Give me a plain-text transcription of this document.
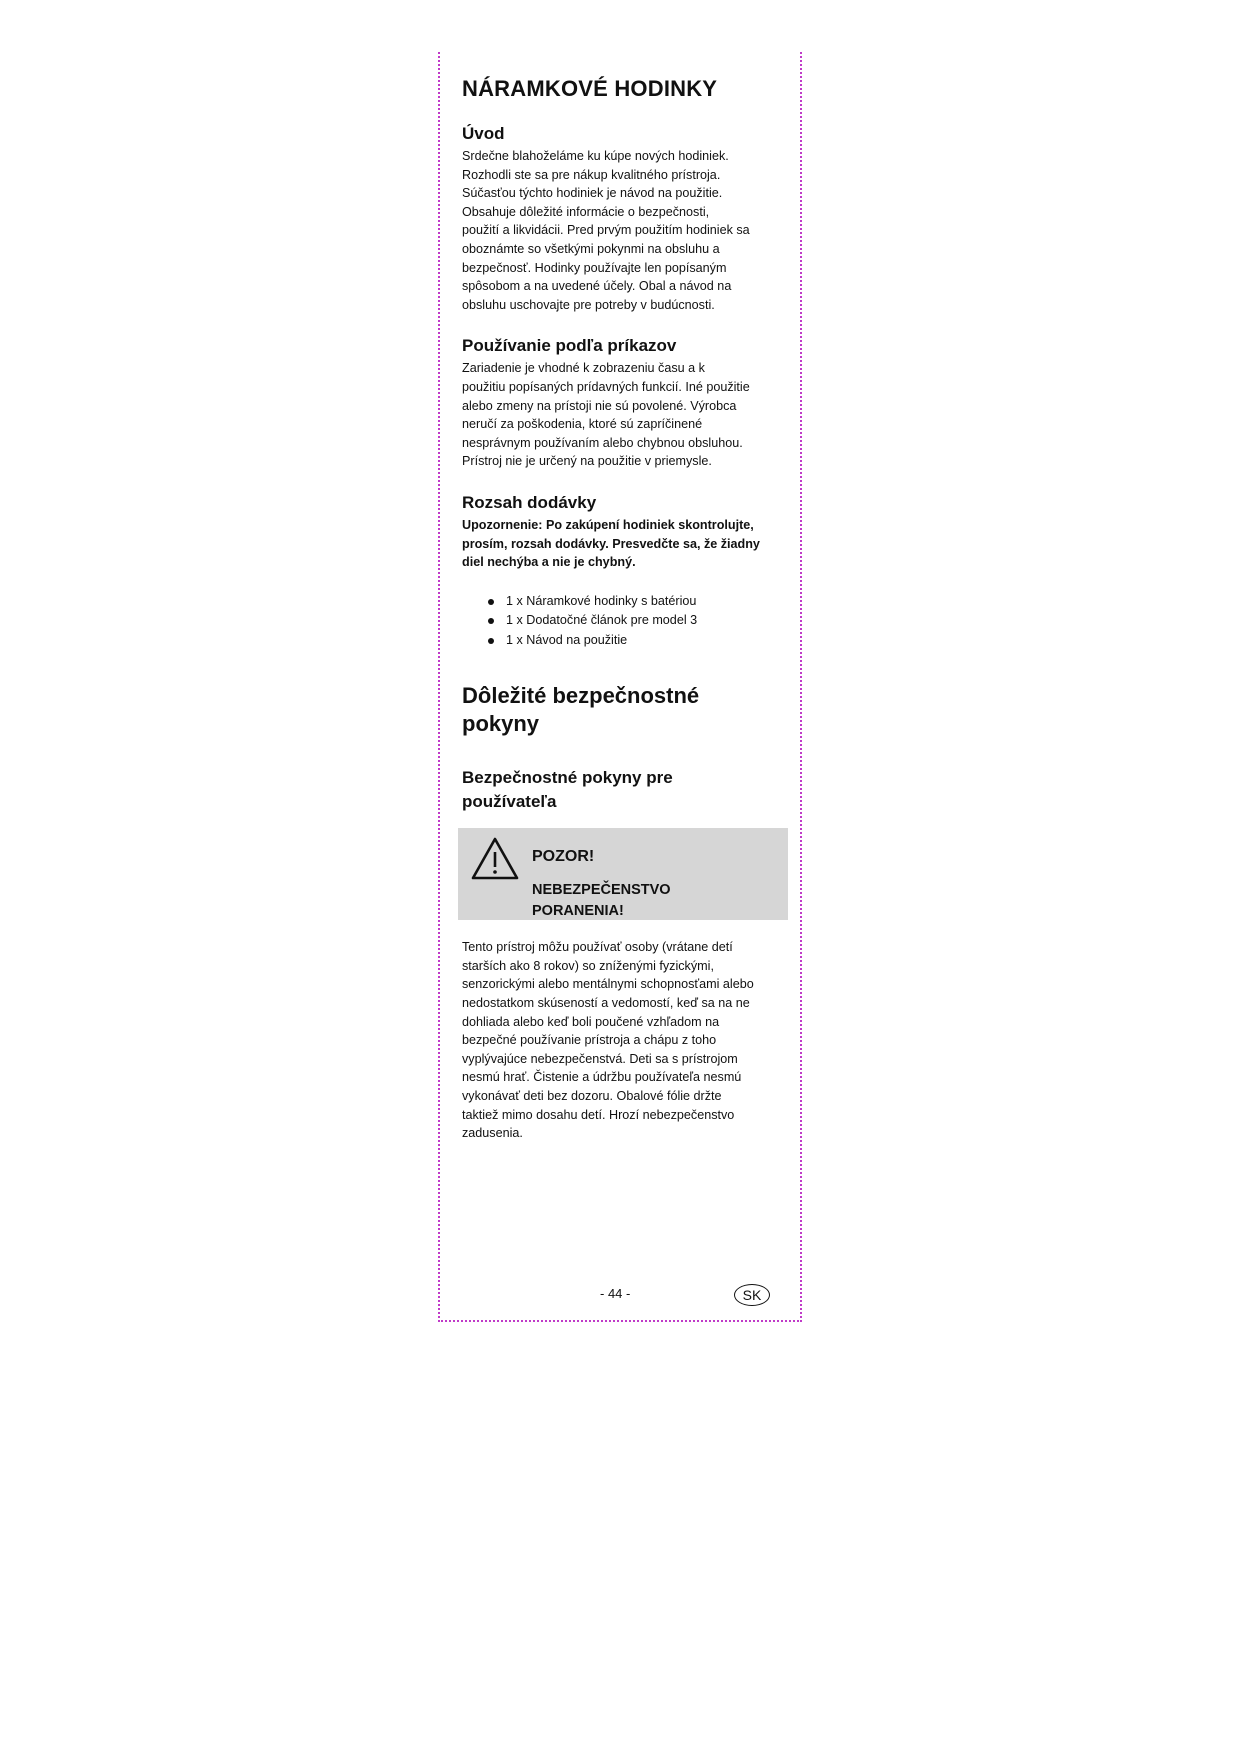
NÁRAMKOVÉ HODINKY
Úvod

Srdečne blahoželáme ku kúpe nových hodiniek.
Rozhodli ste sa pre nákup kvalitného prístroja.
Súčasťou týchto hodiniek je návod na použitie.
Obsahuje dôležité informácie o bezpečnosti,
použití a likvidácii. Pred prvým použitím hodiniek sa
oboznámte so všetkými pokynmi na obsluhu a
bezpečnosť. Hodinky používajte len popísaným
spôsobom a na uvedené účely. Obal a návod na
obsluhu uschovajte pre potreby v budúcnosti.

Používanie podľa príkazov

Zariadenie je vhodné k zobrazeniu času a k
použitiu popísaných prídavných funkcií. Iné použitie
alebo zmeny na prístoji nie sú povolené. Výrobca
neručí za poškodenia, ktoré sú zapríčinené
nesprávnym používaním alebo chybnou obsluhou.
Prístroj nie je určený na použitie v priemysle.

Rozsah dodávky

Upozornenie: Po zakúpení hodiniek skontrolujte,
prosím, rozsah dodávky. Presvedčte sa, že žiadny
diel nechýba a nie je chybný.

1 x Náramkové hodinky s batériou
1 x Dodatočné článok pre model 3
1 x Návod na použitie
Dôležité bezpečnostné
pokyny
Bezpečnostné pokyny pre
používateľa
POZOR!
NEBEZPEČENSTVO
PORANENIA!

Tento prístroj môžu používať osoby (vrátane detí
starších ako 8 rokov) so zníženými fyzickými,
senzorickými alebo mentálnymi schopnosťami alebo
nedostatkom skúseností a vedomostí, keď sa na ne
dohliada alebo keď boli poučené vzhľadom na
bezpečné používanie prístroja a chápu z toho
vyplývajúce nebezpečenstvá. Deti sa s prístrojom
nesmú hrať. Čistenie a údržbu používateľa nesmú
vykonávať deti bez dozoru. Obalové fólie držte
taktiež mimo dosahu detí. Hrozí nebezpečenstvo
zadusenia.

- 44 -	SK
